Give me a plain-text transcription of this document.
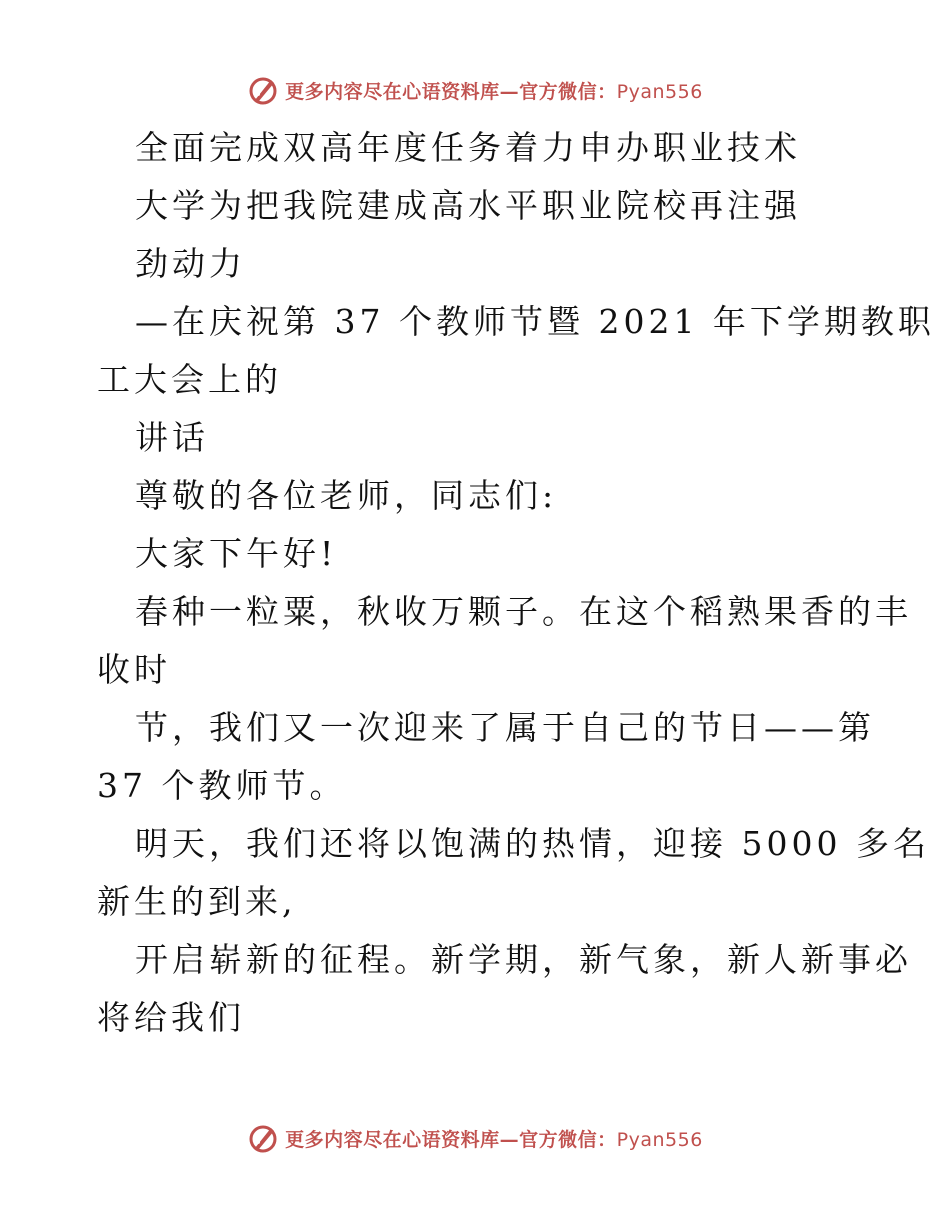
更多内容尽在心语资料库—官方微信：Pyan556
全面完成双高年度任务着力申办职业技术
大学为把我院建成高水平职业院校再注强
劲动力
—在庆祝第 37 个教师节暨 2021 年下学期教职
工大会上的
讲话
尊敬的各位老师，同志们:
大家下午好!
春种一粒粟，秋收万颗子。在这个稻熟果香的丰
收时
节，我们又一次迎来了属于自己的节日——第
37 个教师节。
明天，我们还将以饱满的热情，迎接 5000 多名
新生的到来,
开启崭新的征程。新学期，新气象，新人新事必
将给我们
更多内容尽在心语资料库—官方微信：Pyan556
